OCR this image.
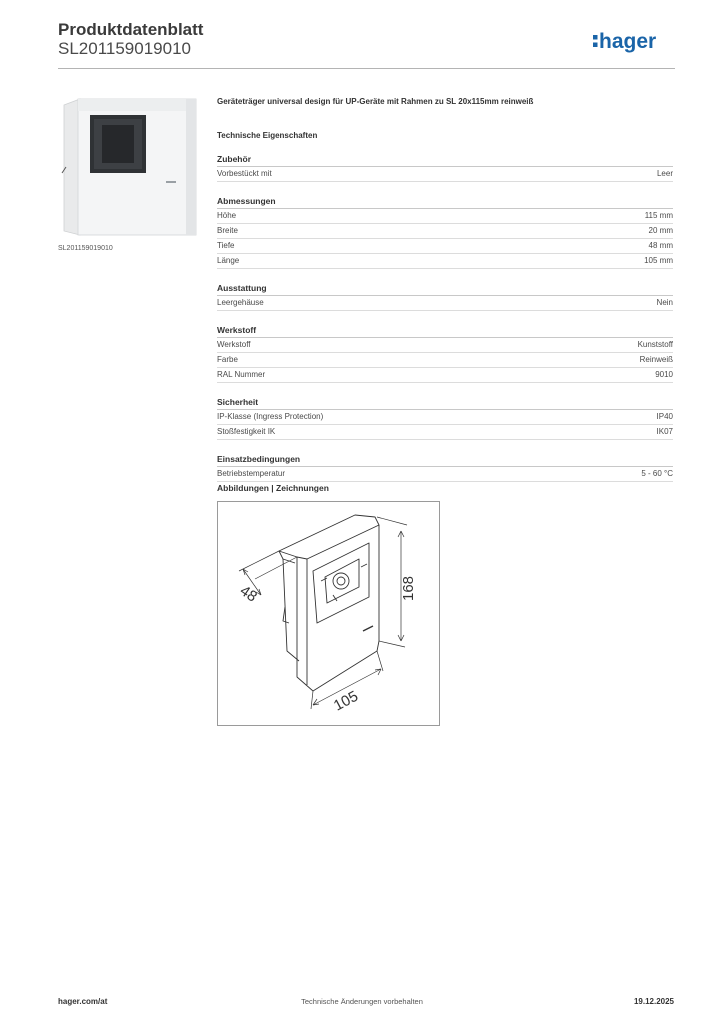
Produktdatenblatt
SL201159019010	hager
SL201159019010
Geräteträger universal design für UP-Geräte mit Rahmen zu SL 20x115mm reinweiß
Technische Eigenschaften
Zubehör
Vorbestückt mit	Leer
Abmessungen
Höhe	115 mm
Breite	20 mm
Tiefe	48 mm
Länge	105 mm
Ausstattung
Leergehäuse	Nein
Werkstoff
Werkstoff	Kunststoff
Farbe	Reinweiß
RAL Nummer	9010
Sicherheit
IP-Klasse (Ingress Protection)	IP40
Stoßfestigkeit IK	IK07
Einsatzbedingungen
Betriebstemperatur	5 - 60 °C
Abbildungen | Zeichnungen
48	168
105
hager.com/at	Technische Änderungen vorbehalten	19.12.2025
